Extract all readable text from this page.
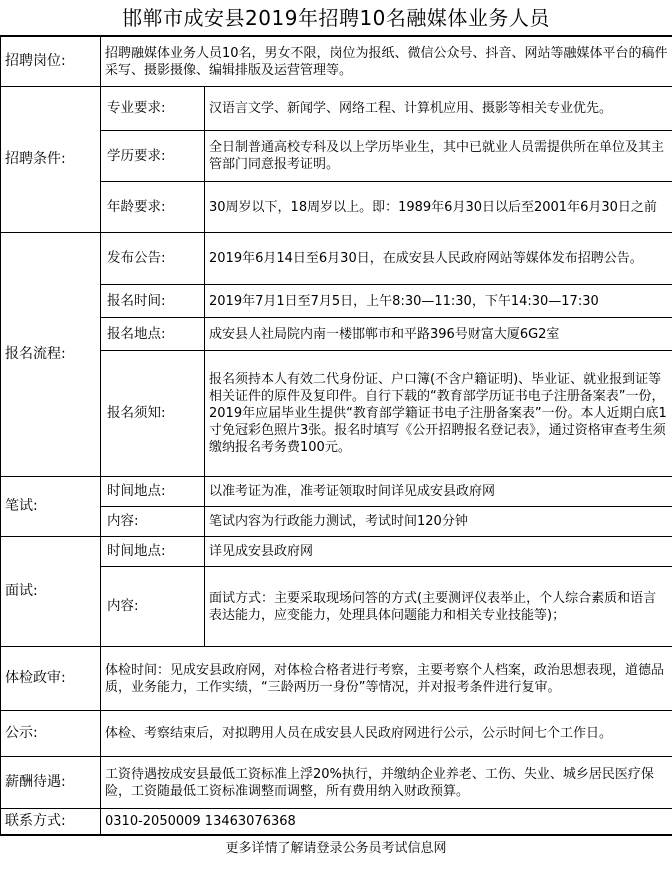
邯郸市成安县2019年招聘10名融媒体业务人员
招聘岗位:	招聘融媒体业务人员10名，男女不限，岗位为报纸、微信公众号、抖音、网站等融媒体平台的稿件采写、摄影摄像、编辑排版及运营管理等。	
招聘条件:	专业要求:	汉语言文学、新闻学、网络工程、计算机应用、摄影等相关专业优先。
	学历要求:	全日制普通高校专科及以上学历毕业生，其中已就业人员需提供所在单位及其主管部门同意报考证明。
	年龄要求:	30周岁以下，18周岁以上。即：1989年6月30日以后至2001年6月30日之前
报名流程:	发布公告:	2019年6月14日至6月30日，在成安县人民政府网站等媒体发布招聘公告。
	报名时间:	2019年7月1日至7月5日，上午8:30—11:30，下午14:30—17:30
	报名地点:	成安县人社局院内南一楼邯郸市和平路396号财富大厦6G2室
	报名须知:	报名须持本人有效二代身份证、户口簿(不含户籍证明)、毕业证、就业报到证等相关证件的原件及复印件。自行下载的“教育部学历证书电子注册备案表”一份，2019年应届毕业生提供“教育部学籍证书电子注册备案表”一份。本人近期白底1寸免冠彩色照片3张。报名时填写《公开招聘报名登记表》，通过资格审查考生须缴纳报名考务费100元。
笔试:	时间地点:	以准考证为准，准考证领取时间详见成安县政府网
	内容:	笔试内容为行政能力测试，考试时间120分钟
面试:	时间地点:	详见成安县政府网
	内容:	面试方式：主要采取现场问答的方式(主要测评仪表举止，个人综合素质和语言表达能力，应变能力，处理具体问题能力和相关专业技能等)；
体检政审:	体检时间：见成安县政府网，对体检合格者进行考察，主要考察个人档案，政治思想表现，道德品质，业务能力，工作实绩，“三龄两历一身份”等情况，并对报考条件进行复审。	
公示:	体检、考察结束后，对拟聘用人员在成安县人民政府网进行公示，公示时间七个工作日。	
薪酬待遇:	工资待遇按成安县最低工资标准上浮20%执行，并缴纳企业养老、工伤、失业、城乡居民医疗保险，工资随最低工资标准调整而调整，所有费用纳入财政预算。	
联系方式:	0310-2050009 13463076368	
更多详情了解请登录公务员考试信息网
